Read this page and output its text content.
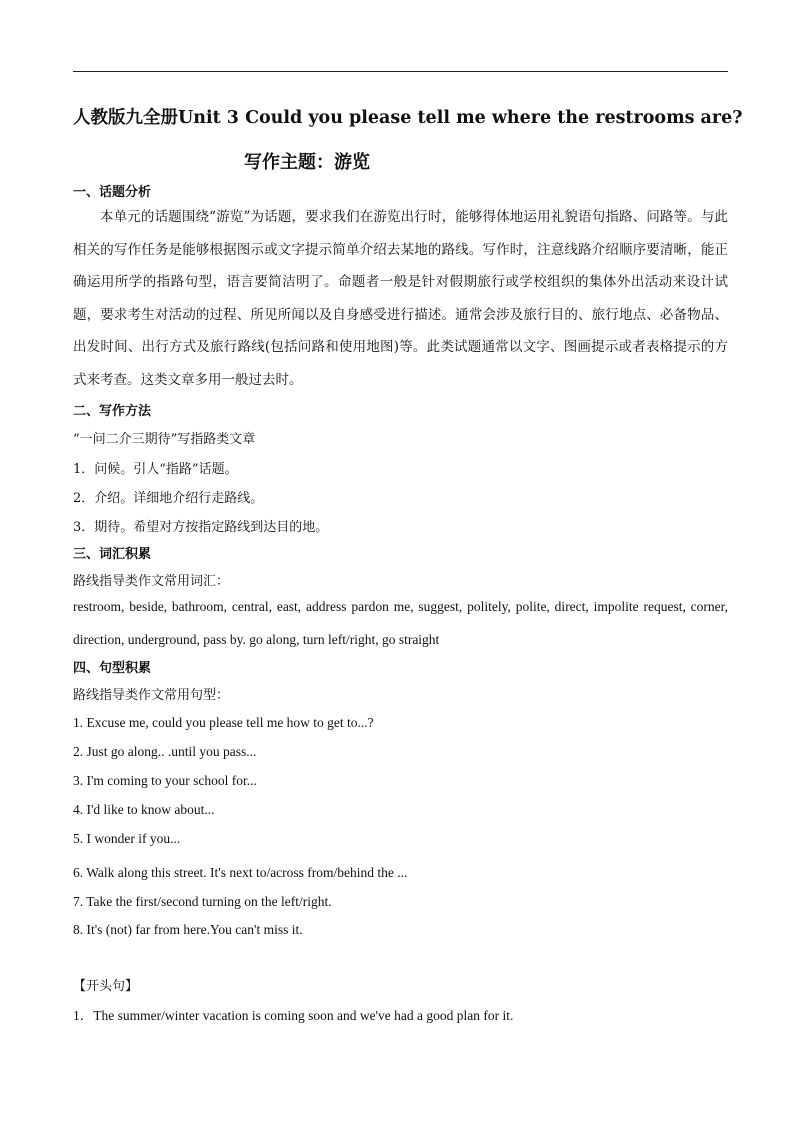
人教版九全册Unit 3 Could you please tell me where the restrooms are?
写作主题：游览
一、话题分析
本单元的话题围绕“游览”为话题，要求我们在游览出行时，能够得体地运用礼貌语句指路、问路等。与此相关的写作任务是能够根据图示或文字提示简单介绍去某地的路线。写作时，注意线路介绍顺序要清晰，能正确运用所学的指路句型，语言要简洁明了。命题者一般是针对假期旅行或学校组织的集体外出活动来设计试题，要求考生对活动的过程、所见所闻以及自身感受进行描述。通常会涉及旅行目的、旅行地点、必备物品、出发时间、出行方式及旅行路线(包括问路和使用地图)等。此类试题通常以文字、图画提示或者表格提示的方式来考查。这类文章多用一般过去时。
二、写作方法
“一问二介三期待”写指路类文章
1．问候。引人“指路”话题。
2．介绍。详细地介绍行走路线。
3．期待。希望对方按指定路线到达目的地。
三、词汇积累
路线指导类作文常用词汇：
restroom, beside, bathroom, central, east, address pardon me, suggest, politely, polite, direct, impolite request, corner, direction, underground, pass by. go along, turn left/right, go straight
四、句型积累
路线指导类作文常用句型：
1. Excuse me, could you please tell me how to get to...?
2. Just go along.. .until you pass...
3. I'm coming to your school for...
4. I'd like to know about...
5. I wonder if you...
6. Walk along this street. It's next to/across from/behind the ...
7. Take the first/second turning on the left/right.
8. It's (not) far from here.You can't miss it.
【开头句】
1．The summer/winter vacation is coming soon and we've had a good plan for it.
